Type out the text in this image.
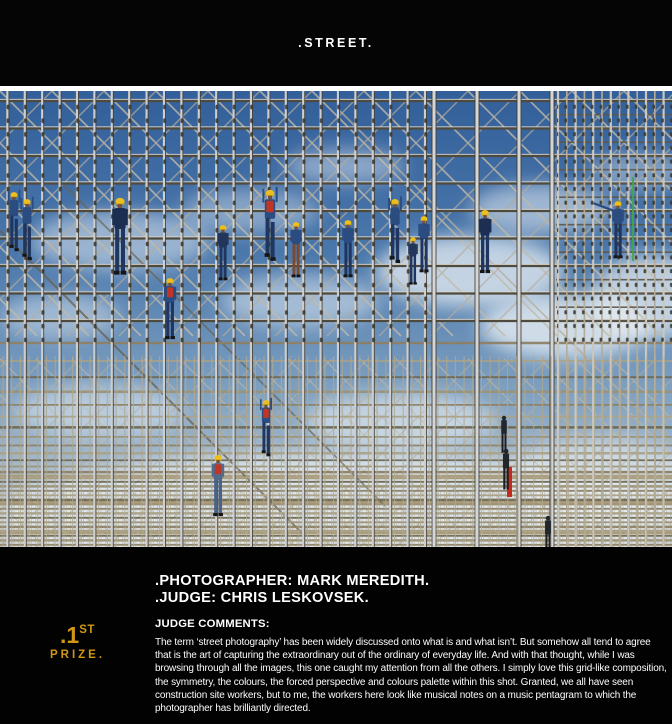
.STREET.
.PHOTOGRAPHER: MARK MEREDITH.
.JUDGE: CHRIS LESKOVSEK.
.1ST
PRIZE.

JUDGE COMMENTS:

The term ‘street photography’ has been widely discussed onto what is and what isn’t. But somehow all tend to agree that is the art of capturing the extraordinary out of the ordinary of everyday life. And with that thought, while I was browsing through all the images, this one caught my attention from all the others. I simply love this grid-like composition, the symmetry, the colours, the forced perspective and colours palette within this shot. Granted, we all have seen construction site workers, but to me, the workers here look like musical notes on a music pentagram to which the photographer has brilliantly directed.
